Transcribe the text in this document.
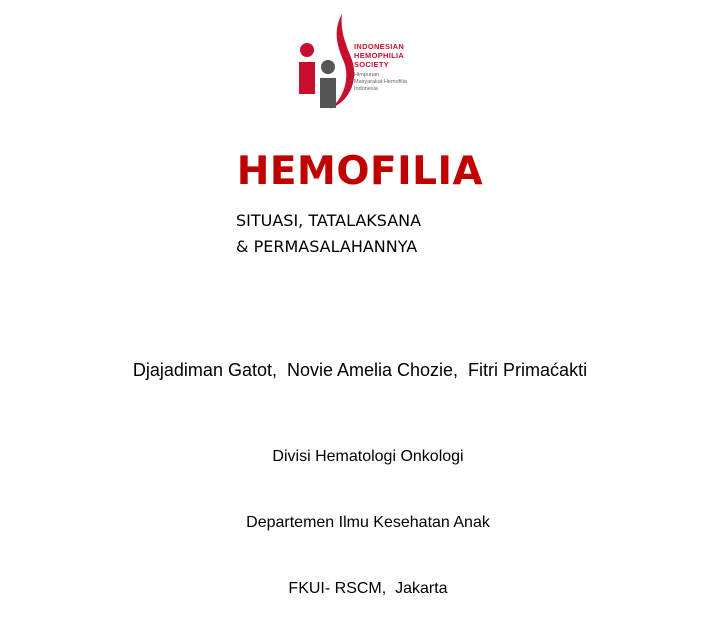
INDONESIAN
HEMOPHILIA
SOCIETY
Himpunan
Masyarakat Hemofilia
Indonesia
HEMOFILIA
SITUASI, TATALAKSANA
& PERMASALAHANNYA
Djajadiman Gatot,  Novie Amelia Chozie,  Fitri Primaćakti

Divisi Hematologi Onkologi

Departemen Ilmu Kesehatan Anak

FKUI- RSCM,  Jakarta
